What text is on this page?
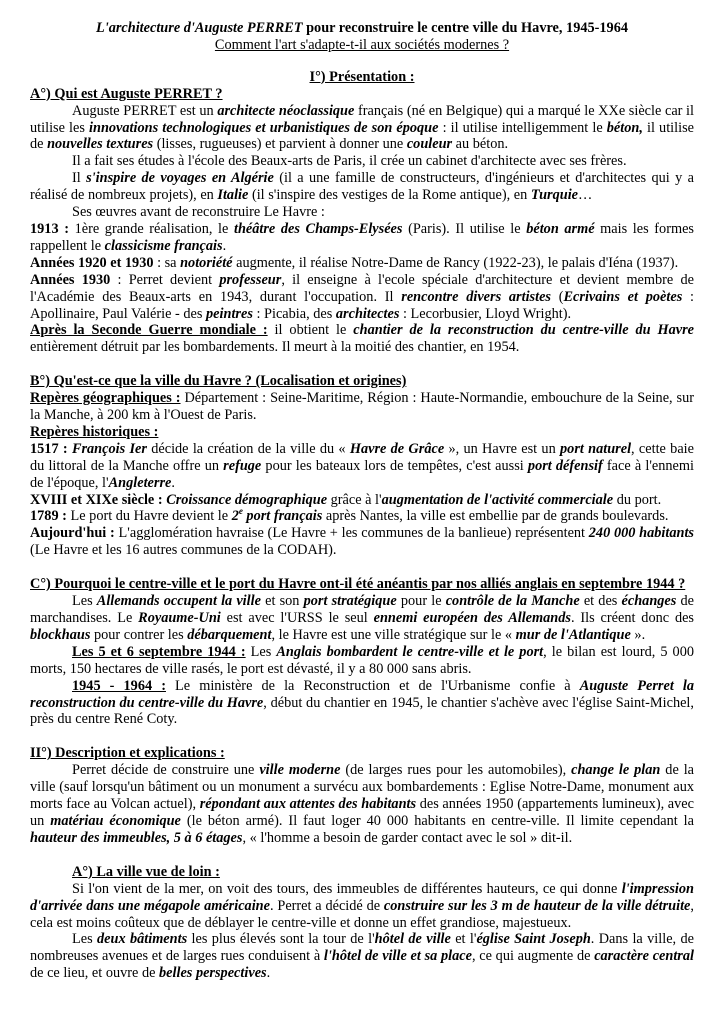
L'architecture d'Auguste PERRET pour reconstruire le centre ville du Havre, 1945-1964
Comment l'art s'adapte-t-il aux sociétés modernes ?
I°) Présentation :
A°) Qui est Auguste PERRET ?

Auguste PERRET est un architecte néoclassique français (né en Belgique) qui a marqué le XXe siècle car il utilise les innovations technologiques et urbanistiques de son époque : il utilise intelligemment le béton, il utilise de nouvelles textures (lisses, rugueuses) et parvient à donner une couleur au béton.

Il a fait ses études à l'école des Beaux-arts de Paris, il crée un cabinet d'architecte avec ses frères.

Il s'inspire de voyages en Algérie (il a une famille de constructeurs, d'ingénieurs et d'architectes qui y a réalisé de nombreux projets), en Italie (il s'inspire des vestiges de la Rome antique), en Turquie…

Ses œuvres avant de reconstruire Le Havre :

1913 : 1ère grande réalisation, le théâtre des Champs-Elysées (Paris). Il utilise le béton armé mais les formes rappellent le classicisme français.

Années 1920 et 1930 : sa notoriété augmente, il réalise Notre-Dame de Rancy (1922-23), le palais d'Iéna (1937).

Années 1930 : Perret devient professeur, il enseigne à l'ecole spéciale d'architecture et devient membre de l'Académie des Beaux-arts en 1943, durant l'occupation. Il rencontre divers artistes (Ecrivains et poètes : Apollinaire, Paul Valérie - des peintres : Picabia, des architectes : Lecorbusier, Lloyd Wright).

Après la Seconde Guerre mondiale : il obtient le chantier de la reconstruction du centre-ville du Havre entièrement détruit par les bombardements. Il meurt à la moitié des chantier, en 1954.

B°) Qu'est-ce que la ville du Havre ? (Localisation et origines)

Repères géographiques : Département : Seine-Maritime, Région : Haute-Normandie, embouchure de la Seine, sur la Manche, à 200 km à l'Ouest de Paris.

Repères historiques :

1517 : François Ier décide la création de la ville du « Havre de Grâce », un Havre est un port naturel, cette baie du littoral de la Manche offre un refuge pour les bateaux lors de tempêtes, c'est aussi port défensif face à l'ennemi de l'époque, l'Angleterre.

XVIII et XIXe siècle : Croissance démographique grâce à l'augmentation de l'activité commerciale du port.

1789 : Le port du Havre devient le 2e port français après Nantes, la ville est embellie par de grands boulevards.

Aujourd'hui : L'agglomération havraise (Le Havre + les communes de la banlieue) représentent 240 000 habitants (Le Havre et les 16 autres communes de la CODAH).

C°) Pourquoi le centre-ville et le port du Havre ont-il été anéantis par nos alliés anglais en septembre 1944 ?

Les Allemands occupent la ville et son port stratégique pour le contrôle de la Manche et des échanges de marchandises. Le Royaume-Uni est avec l'URSS le seul ennemi européen des Allemands. Ils créent donc des blockhaus pour contrer les débarquement, le Havre est une ville stratégique sur le « mur de l'Atlantique ».

Les 5 et 6 septembre 1944 : Les Anglais bombardent le centre-ville et le port, le bilan est lourd, 5 000 morts, 150 hectares de ville rasés, le port est dévasté, il y a 80 000 sans abris.

1945 - 1964 : Le ministère de la Reconstruction et de l'Urbanisme confie à Auguste Perret la reconstruction du centre-ville du Havre, début du chantier en 1945, le chantier s'achève avec l'église Saint-Michel, près du centre René Coty.

II°) Description et explications :

Perret décide de construire une ville moderne (de larges rues pour les automobiles), change le plan de la ville (sauf lorsqu'un bâtiment ou un monument a survécu aux bombardements : Eglise Notre-Dame, monument aux morts face au Volcan actuel), répondant aux attentes des habitants des années 1950 (appartements lumineux), avec un matériau économique (le béton armé). Il faut loger 40 000 habitants en centre-ville. Il limite cependant la hauteur des immeubles, 5 à 6 étages, « l'homme a besoin de garder contact avec le sol » dit-il.

A°) La ville vue de loin :

Si l'on vient de la mer, on voit des tours, des immeubles de différentes hauteurs, ce qui donne l'impression d'arrivée dans une mégapole américaine. Perret a décidé de construire sur les 3 m de hauteur de la ville détruite, cela est moins coûteux que de déblayer le centre-ville et donne un effet grandiose, majestueux.

Les deux bâtiments les plus élevés sont la tour de l'hôtel de ville et l'église Saint Joseph. Dans la ville, de nombreuses avenues et de larges rues conduisent à l'hôtel de ville et sa place, ce qui augmente de caractère central de ce lieu, et ouvre de belles perspectives.
